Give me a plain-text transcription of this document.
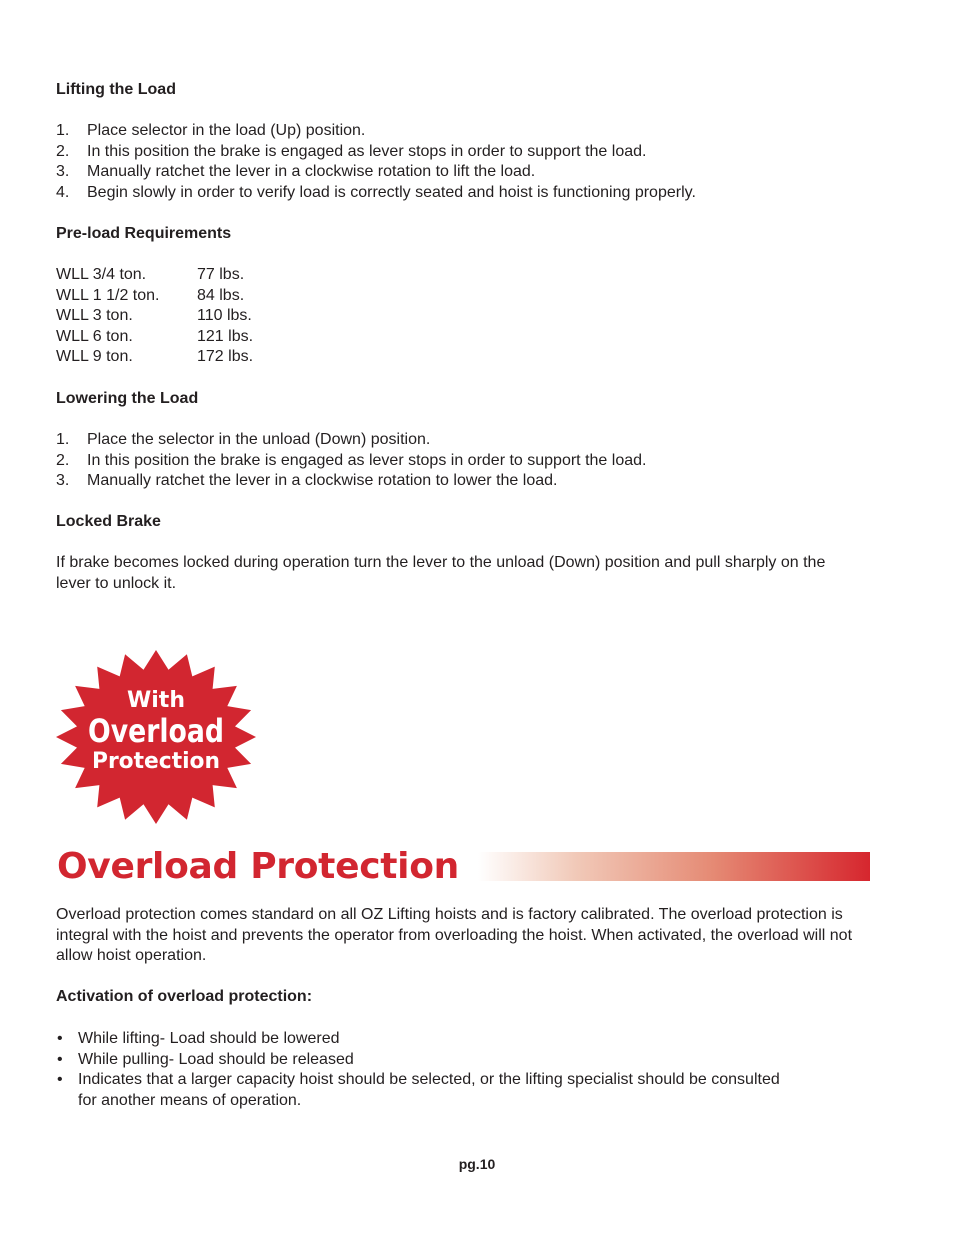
Lifting the Load
1. Place selector in the load (Up) position.
2. In this position the brake is engaged as lever stops in order to support the load.
3. Manually ratchet the lever in a clockwise rotation to lift the load.
4. Begin slowly in order to verify load is correctly seated and hoist is functioning properly.
Pre-load Requirements
WLL 3/4 ton.	77 lbs.
WLL 1 1/2 ton.	84 lbs.
WLL 3 ton.	110 lbs.
WLL 6 ton.	121 lbs.
WLL 9 ton.	172 lbs.
Lowering the Load
1. Place the selector in the unload (Down) position.
2. In this position the brake is engaged as lever stops in order to support the load.
3. Manually ratchet the lever in a clockwise rotation to lower the load.
Locked Brake
If brake becomes locked during operation turn the lever to the unload (Down) position and pull sharply on the lever to unlock it.
With
Overload
Protection
Overload Protection
Overload protection comes standard on all OZ Lifting hoists and is factory calibrated. The overload protection is integral with the hoist and prevents the operator from overloading the hoist. When activated, the overload will not allow hoist operation.
Activation of overload protection:
• While lifting- Load should be lowered
• While pulling- Load should be released
• Indicates that a larger capacity hoist should be selected, or the lifting specialist should be consulted for another means of operation.
pg.10
